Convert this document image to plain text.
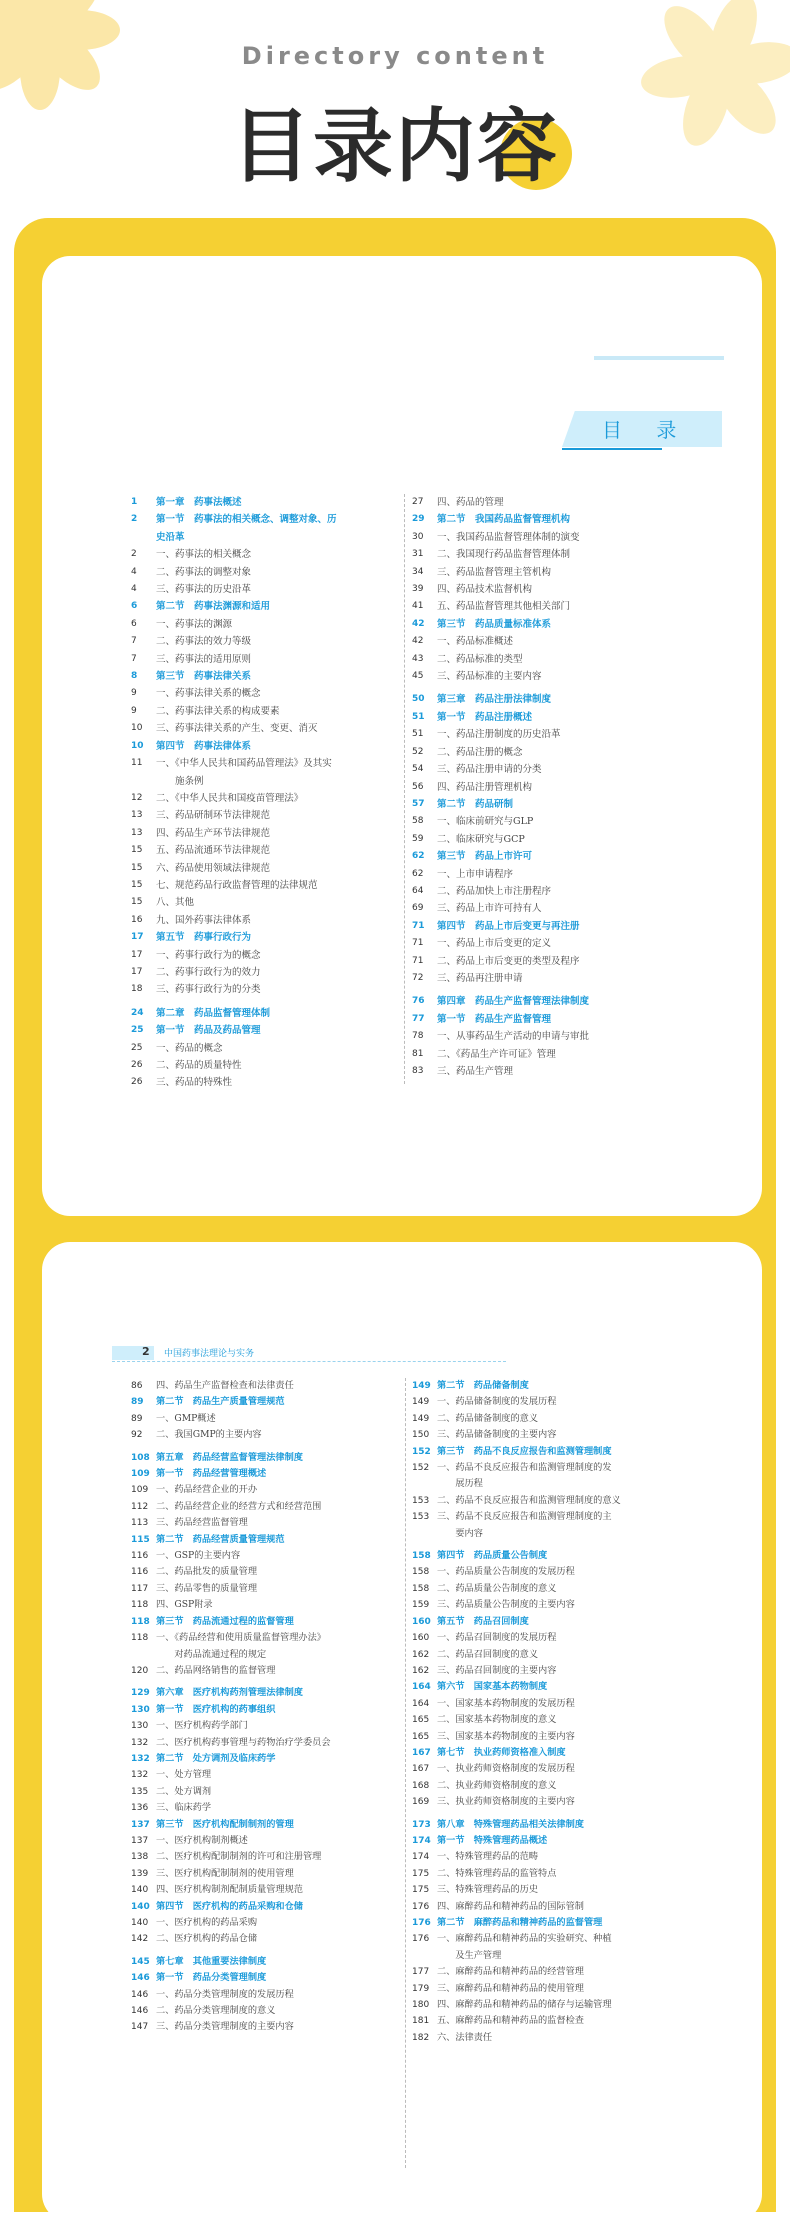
Directory content
目录内容
目 录
1	第一章　药事法概述
2	第一节　药事法的相关概念、调整对象、历
史沿革
2	一、药事法的相关概念
4	二、药事法的调整对象
4	三、药事法的历史沿革
6	第二节　药事法渊源和适用
6	一、药事法的渊源
7	二、药事法的效力等级
7	三、药事法的适用原则
8	第三节　药事法律关系
9	一、药事法律关系的概念
9	二、药事法律关系的构成要素
10	三、药事法律关系的产生、变更、消灭
10	第四节　药事法律体系
11	一、《中华人民共和国药品管理法》及其实
　　施条例
12	二、《中华人民共和国疫苗管理法》
13	三、药品研制环节法律规范
13	四、药品生产环节法律规范
15	五、药品流通环节法律规范
15	六、药品使用领域法律规范
15	七、规范药品行政监督管理的法律规范
15	八、其他
16	九、国外药事法律体系
17	第五节　药事行政行为
17	一、药事行政行为的概念
17	二、药事行政行为的效力
18	三、药事行政行为的分类
24	第二章　药品监督管理体制
25	第一节　药品及药品管理
25	一、药品的概念
26	二、药品的质量特性
26	三、药品的特殊性
27	四、药品的管理
29	第二节　我国药品监督管理机构
30	一、我国药品监督管理体制的演变
31	二、我国现行药品监督管理体制
34	三、药品监督管理主管机构
39	四、药品技术监督机构
41	五、药品监督管理其他相关部门
42	第三节　药品质量标准体系
42	一、药品标准概述
43	二、药品标准的类型
45	三、药品标准的主要内容
50	第三章　药品注册法律制度
51	第一节　药品注册概述
51	一、药品注册制度的历史沿革
52	二、药品注册的概念
54	三、药品注册申请的分类
56	四、药品注册管理机构
57	第二节　药品研制
58	一、临床前研究与GLP
59	二、临床研究与GCP
62	第三节　药品上市许可
62	一、上市申请程序
64	二、药品加快上市注册程序
69	三、药品上市许可持有人
71	第四节　药品上市后变更与再注册
71	一、药品上市后变更的定义
71	二、药品上市后变更的类型及程序
72	三、药品再注册申请
76	第四章　药品生产监督管理法律制度
77	第一节　药品生产监督管理
78	一、从事药品生产活动的申请与审批
81	二、《药品生产许可证》管理
83	三、药品生产管理
2 中国药事法理论与实务
86	四、药品生产监督检查和法律责任
89	第二节　药品生产质量管理规范
89	一、GMP概述
92	二、我国GMP的主要内容
108 第五章　药品经营监督管理法律制度
109 第一节　药品经营管理概述
109 一、药品经营企业的开办
112 二、药品经营企业的经营方式和经营范围
113 三、药品经营监督管理
115 第二节　药品经营质量管理规范
116 一、GSP的主要内容
116 二、药品批发的质量管理
117 三、药品零售的质量管理
118 四、GSP附录
118 第三节　药品流通过程的监督管理
118 一、《药品经营和使用质量监督管理办法》
　　对药品流通过程的规定
120 二、药品网络销售的监督管理
129 第六章　医疗机构药剂管理法律制度
130 第一节　医疗机构的药事组织
130 一、医疗机构药学部门
132 二、医疗机构药事管理与药物治疗学委员会
132 第二节　处方调剂及临床药学
132 一、处方管理
135 二、处方调剂
136 三、临床药学
137 第三节　医疗机构配制制剂的管理
137 一、医疗机构制剂概述
138 二、医疗机构配制制剂的许可和注册管理
139 三、医疗机构配制制剂的使用管理
140 四、医疗机构制剂配制质量管理规范
140 第四节　医疗机构的药品采购和仓储
140 一、医疗机构的药品采购
142 二、医疗机构的药品仓储
145 第七章　其他重要法律制度
146 第一节　药品分类管理制度
146 一、药品分类管理制度的发展历程
146 二、药品分类管理制度的意义
147 三、药品分类管理制度的主要内容
149 第二节　药品储备制度
149 一、药品储备制度的发展历程
149 二、药品储备制度的意义
150 三、药品储备制度的主要内容
152 第三节　药品不良反应报告和监测管理制度
152 一、药品不良反应报告和监测管理制度的发
　　展历程
153 二、药品不良反应报告和监测管理制度的意义
153 三、药品不良反应报告和监测管理制度的主
　　要内容
158 第四节　药品质量公告制度
158 一、药品质量公告制度的发展历程
158 二、药品质量公告制度的意义
159 三、药品质量公告制度的主要内容
160 第五节　药品召回制度
160 一、药品召回制度的发展历程
162 二、药品召回制度的意义
162 三、药品召回制度的主要内容
164 第六节　国家基本药物制度
164 一、国家基本药物制度的发展历程
165 二、国家基本药物制度的意义
165 三、国家基本药物制度的主要内容
167 第七节　执业药师资格准入制度
167 一、执业药师资格制度的发展历程
168 二、执业药师资格制度的意义
169 三、执业药师资格制度的主要内容
173 第八章　特殊管理药品相关法律制度
174 第一节　特殊管理药品概述
174 一、特殊管理药品的范畴
175 二、特殊管理药品的监管特点
175 三、特殊管理药品的历史
176 四、麻醉药品和精神药品的国际管制
176 第二节　麻醉药品和精神药品的监督管理
176 一、麻醉药品和精神药品的实验研究、种植
　　及生产管理
177 二、麻醉药品和精神药品的经营管理
179 三、麻醉药品和精神药品的使用管理
180 四、麻醉药品和精神药品的储存与运输管理
181 五、麻醉药品和精神药品的监督检查
182 六、法律责任
